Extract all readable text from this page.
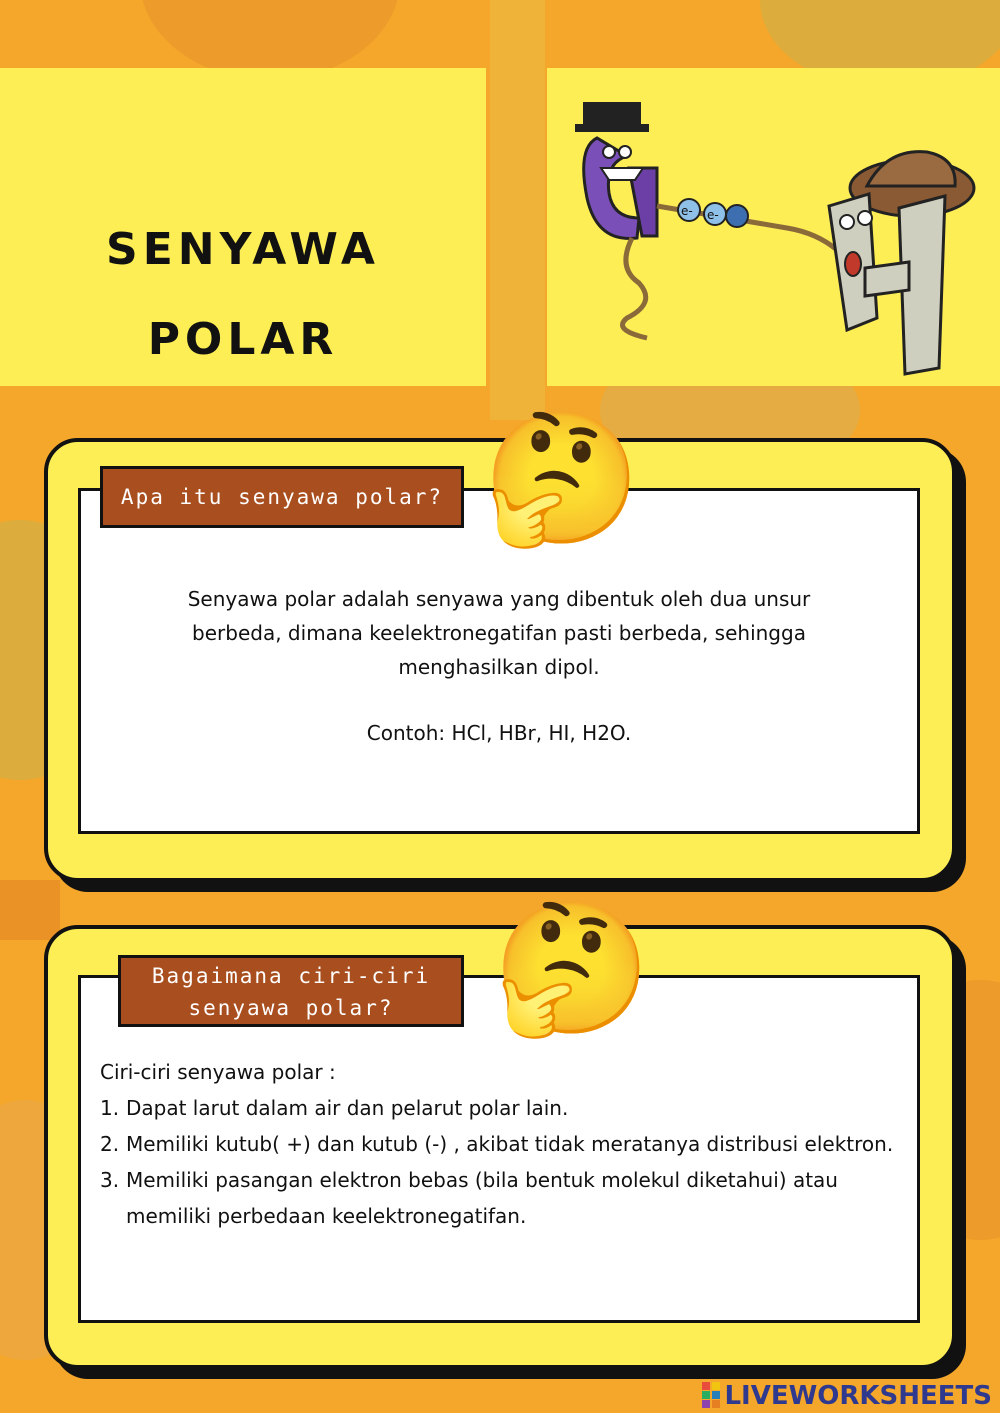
SENYAWA
POLAR
e- e-
Apa itu senyawa polar? 🤔

Senyawa polar adalah senyawa yang dibentuk oleh dua unsur

berbeda, dimana keelektronegatifan pasti berbeda, sehingga

menghasilkan dipol.

Contoh: HCl, HBr, HI, H2O.

Bagaimana ciri-ciri
senyawa polar? 🤔

Ciri-ciri senyawa polar :

1. Dapat larut dalam air dan pelarut polar lain.
2. Memiliki kutub( +) dan kutub (-) , akibat tidak meratanya distribusi elektron.
3. Memiliki pasangan elektron bebas (bila bentuk molekul diketahui) atau memiliki perbedaan keelektronegatifan.
LIVEWORKSHEETS
